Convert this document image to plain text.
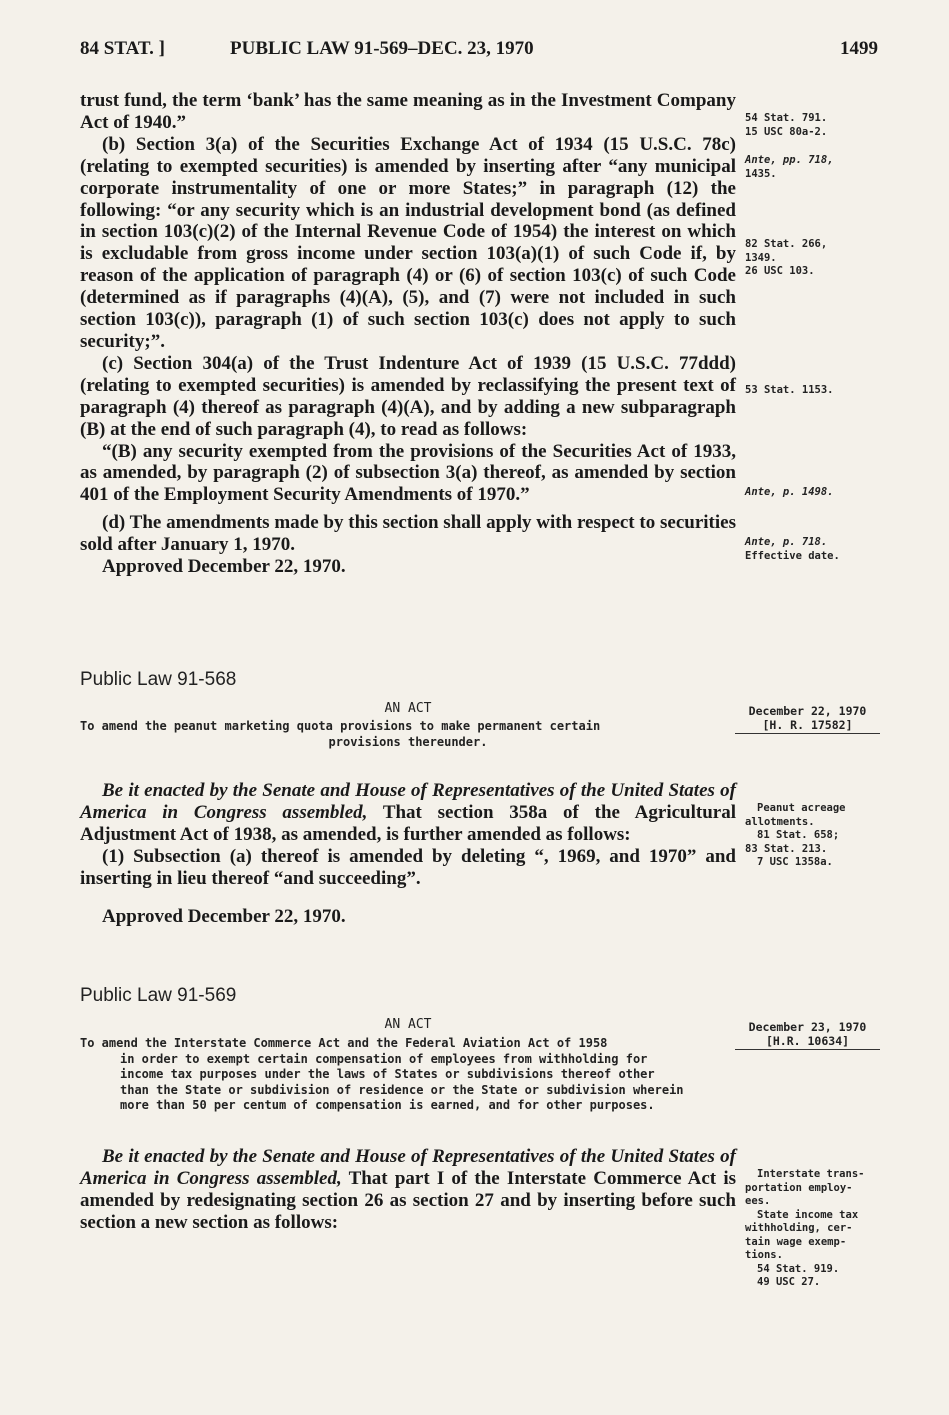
84 STAT. ]	PUBLIC LAW 91-569–DEC. 23, 1970	1499

trust fund, the term ‘bank’ has the same meaning as in the Investment Company Act of 1940.”

(b) Section 3(a) of the Securities Exchange Act of 1934 (15 U.S.C. 78c) (relating to exempted securities) is amended by inserting after “any municipal corporate instrumentality of one or more States;” in paragraph (12) the following: “or any security which is an industrial development bond (as defined in section 103(c)(2) of the Internal Revenue Code of 1954) the interest on which is excludable from gross income under section 103(a)(1) of such Code if, by reason of the application of paragraph (4) or (6) of section 103(c) of such Code (determined as if paragraphs (4)(A), (5), and (7) were not included in such section 103(c)), paragraph (1) of such section 103(c) does not apply to such security;”.

(c) Section 304(a) of the Trust Indenture Act of 1939 (15 U.S.C. 77ddd) (relating to exempted securities) is amended by reclassifying the present text of paragraph (4) thereof as paragraph (4)(A), and by adding a new subparagraph (B) at the end of such paragraph (4), to read as follows:

“(B) any security exempted from the provisions of the Securities Act of 1933, as amended, by paragraph (2) of subsection 3(a) thereof, as amended by section 401 of the Employment Security Amendments of 1970.”

(d) The amendments made by this section shall apply with respect to securities sold after January 1, 1970.

Approved December 22, 1970.

54 Stat. 791.
15 USC 80a-2.
Ante, pp. 718,
1435.
82 Stat. 266,
1349.
26 USC 103.
53 Stat. 1153.
Ante, p. 1498.
Ante, p. 718.
Effective date.
Public Law 91-568
AN ACT
To amend the peanut marketing quota provisions to make permanent certain
provisions thereunder.
December 22, 1970
[H. R. 17582]

Be it enacted by the Senate and House of Representatives of the United States of America in Congress assembled, That section 358a of the Agricultural Adjustment Act of 1938, as amended, is further amended as follows:

(1) Subsection (a) thereof is amended by deleting “, 1969, and 1970” and inserting in lieu thereof “and succeeding”.

Approved December 22, 1970.
Peanut acreage
allotments.
81 Stat. 658;
83 Stat. 213.
7 USC 1358a.
Public Law 91-569
AN ACT
To amend the Interstate Commerce Act and the Federal Aviation Act of 1958
in order to exempt certain compensation of employees from withholding for
income tax purposes under the laws of States or subdivisions thereof other
than the State or subdivision of residence or the State or subdivision wherein
more than 50 per centum of compensation is earned, and for other purposes.
December 23, 1970
[H.R. 10634]

Be it enacted by the Senate and House of Representatives of the United States of America in Congress assembled, That part I of the Interstate Commerce Act is amended by redesignating section 26 as section 27 and by inserting before such section a new section as follows:

Interstate trans-
portation employ-
ees.
State income tax
withholding, cer-
tain wage exemp-
tions.
54 Stat. 919.
49 USC 27.
